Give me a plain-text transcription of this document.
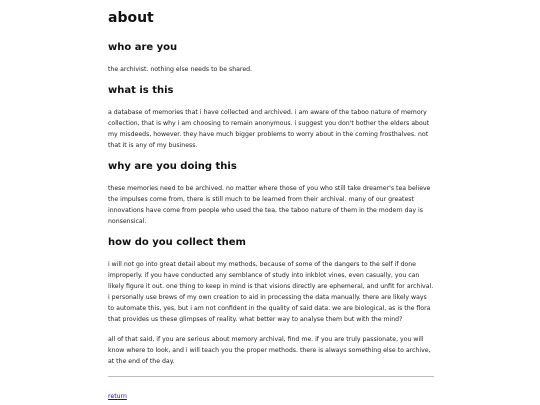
about
who are you

the archivist. nothing else needs to be shared.

what is this

a database of memories that i have collected and archived. i am aware of the taboo nature of memory collection, that is why i am choosing to remain anonymous. i suggest you don't bother the elders about my misdeeds, however. they have much bigger problems to worry about in the coming frosthalves. not that it is any of my business.

why are you doing this

these memories need to be archived. no matter where those of you who still take dreamer's tea believe the impulses come from, there is still much to be learned from their archival. many of our greatest innovations have come from people who used the tea, the taboo nature of them in the modern day is nonsensical.

how do you collect them

i will not go into great detail about my methods, because of some of the dangers to the self if done improperly. if you have conducted any semblance of study into inkblot vines, even casually, you can likely figure it out. one thing to keep in mind is that visions directly are ephemeral, and unfit for archival. i personally use brews of my own creation to aid in processing the data manually. there are likely ways to automate this, yes, but i am not confident in the quality of said data. we are biological, as is the flora that provides us these glimpses of reality. what better way to analyse them but with the mind?

all of that said, if you are serious about memory archival, find me. if you are truly passionate, you will know where to look, and i will teach you the proper methods. there is always something else to archive, at the end of the day.

return
